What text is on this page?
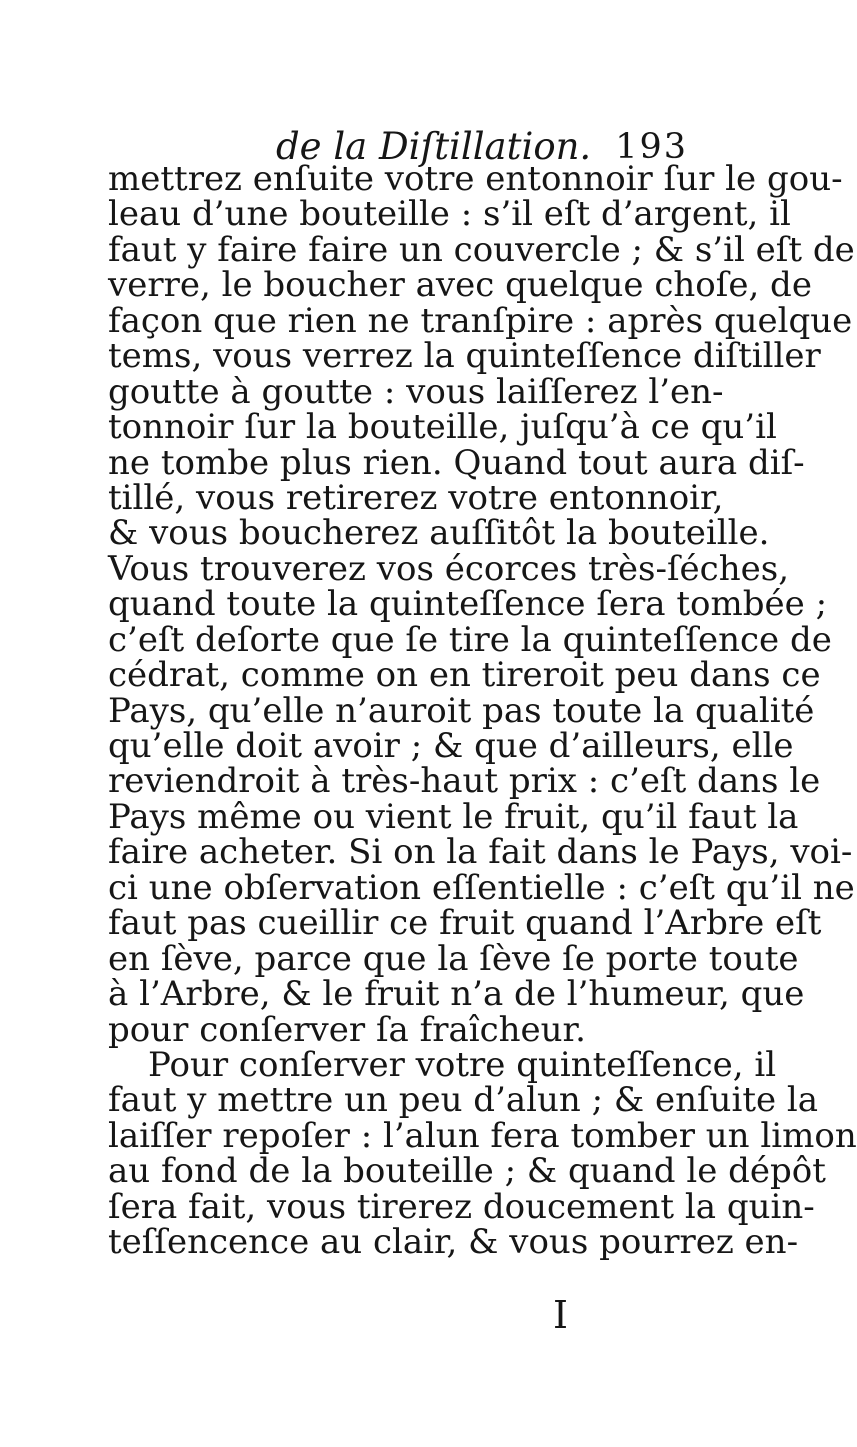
de la Diſtillation. 193
mettrez enſuite votre entonnoir ſur le gou-
leau d’une bouteille : s’il eſt d’argent, il
faut y faire faire un couvercle ; & s’il eſt de
verre, le boucher avec quelque choſe, de
façon que rien ne tranſpire : après quelque
tems, vous verrez la quinteſſence diſtiller
goutte à goutte : vous laiſſerez l’en-
tonnoir ſur la bouteille, juſqu’à ce qu’il
ne tombe plus rien. Quand tout aura diſ-
tillé, vous retirerez votre entonnoir,
& vous boucherez auſſitôt la bouteille.
Vous trouverez vos écorces très-ſéches,
quand toute la quinteſſence ſera tombée ;
c’eſt deſorte que ſe tire la quinteſſence de
cédrat, comme on en tireroit peu dans ce
Pays, qu’elle n’auroit pas toute la qualité
qu’elle doit avoir ; & que d’ailleurs, elle
reviendroit à très-haut prix : c’eſt dans le
Pays même ou vient le fruit, qu’il faut la
faire acheter. Si on la fait dans le Pays, voi-
ci une obſervation eſſentielle : c’eſt qu’il ne
faut pas cueillir ce fruit quand l’Arbre eſt
en ſève, parce que la ſève ſe porte toute
à l’Arbre, & le fruit n’a de l’humeur, que
pour conſerver ſa fraîcheur.
Pour conſerver votre quinteſſence, il
faut y mettre un peu d’alun ; & enſuite la
laiſſer repoſer : l’alun fera tomber un limon
au fond de la bouteille ; & quand le dépôt
ſera fait, vous tirerez doucement la quin-
teſſencence au clair, & vous pourrez en-
I
